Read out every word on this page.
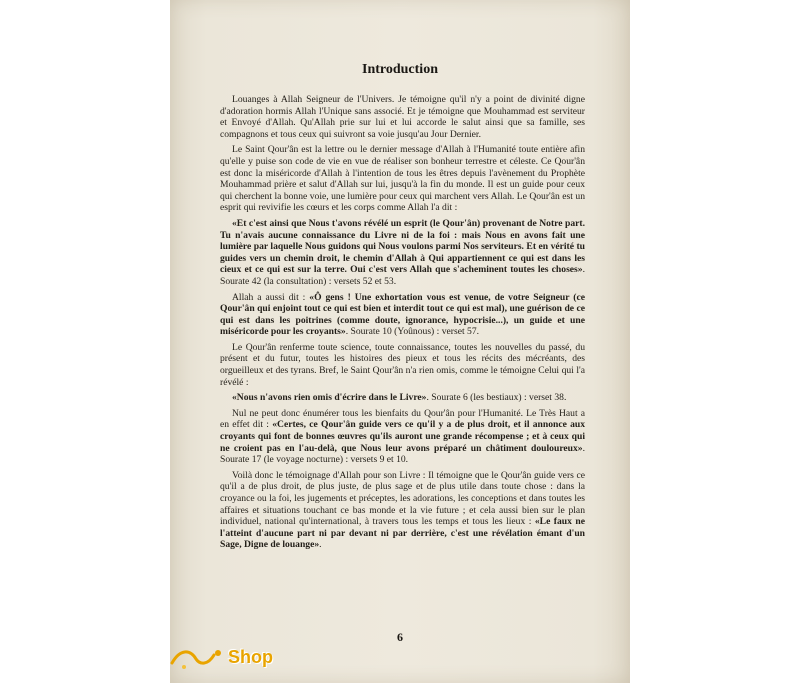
Introduction

Louanges à Allah Seigneur de l'Univers. Je témoigne qu'il n'y a point de divinité digne d'adoration hormis Allah l'Unique sans associé. Et je témoigne que Mouhammad est serviteur et Envoyé d'Allah. Qu'Allah prie sur lui et lui accorde le salut ainsi que sa famille, ses compagnons et tous ceux qui suivront sa voie jusqu'au Jour Dernier.

Le Saint Qour'ân est la lettre ou le dernier message d'Allah à l'Humanité toute entière afin qu'elle y puise son code de vie en vue de réaliser son bonheur terrestre et céleste. Ce Qour'ân est donc la miséricorde d'Allah à l'intention de tous les êtres depuis l'avènement du Prophète Mouhammad prière et salut d'Allah sur lui, jusqu'à la fin du monde. Il est un guide pour ceux qui cherchent la bonne voie, une lumière pour ceux qui marchent vers Allah. Le Qour'ân est un esprit qui revivifie les cœurs et les corps comme Allah l'a dit :

«Et c'est ainsi que Nous t'avons révélé un esprit (le Qour'ân) provenant de Notre part. Tu n'avais aucune connaissance du Livre ni de la foi : mais Nous en avons fait une lumière par laquelle Nous guidons qui Nous voulons parmi Nos serviteurs. Et en vérité tu guides vers un chemin droit, le chemin d'Allah à Qui appartiennent ce qui est dans les cieux et ce qui est sur la terre. Oui c'est vers Allah que s'acheminent toutes les choses». Sourate 42 (la consultation) : versets 52 et 53.

Allah a aussi dit : «Ô gens ! Une exhortation vous est venue, de votre Seigneur (ce Qour'ân qui enjoint tout ce qui est bien et interdit tout ce qui est mal), une guérison de ce qui est dans les poitrines (comme doute, ignorance, hypocrisie...), un guide et une miséricorde pour les croyants». Sourate 10 (Yoûnous) : verset 57.

Le Qour'ân renferme toute science, toute connaissance, toutes les nouvelles du passé, du présent et du futur, toutes les histoires des pieux et tous les récits des mécréants, des orgueilleux et des tyrans. Bref, le Saint Qour'ân n'a rien omis, comme le témoigne Celui qui l'a révélé :

«Nous n'avons rien omis d'écrire dans le Livre». Sourate 6 (les bestiaux) : verset 38.

Nul ne peut donc énumérer tous les bienfaits du Qour'ân pour l'Humanité. Le Très Haut a en effet dit : «Certes, ce Qour'ân guide vers ce qu'il y a de plus droit, et il annonce aux croyants qui font de bonnes œuvres qu'ils auront une grande récompense ; et à ceux qui ne croient pas en l'au-delà, que Nous leur avons préparé un châtiment douloureux». Sourate 17 (le voyage nocturne) : versets 9 et 10.

Voilà donc le témoignage d'Allah pour son Livre : Il témoigne que le Qour'ân guide vers ce qu'il a de plus droit, de plus juste, de plus sage et de plus utile dans toute chose : dans la croyance ou la foi, les jugements et préceptes, les adorations, les conceptions et dans toutes les affaires et situations touchant ce bas monde et la vie future ; et cela aussi bien sur le plan individuel, national qu'international, à travers tous les temps et tous les lieux : «Le faux ne l'atteint d'aucune part ni par devant ni par derrière, c'est une révélation émant d'un Sage, Digne de louange».

6
Shop
